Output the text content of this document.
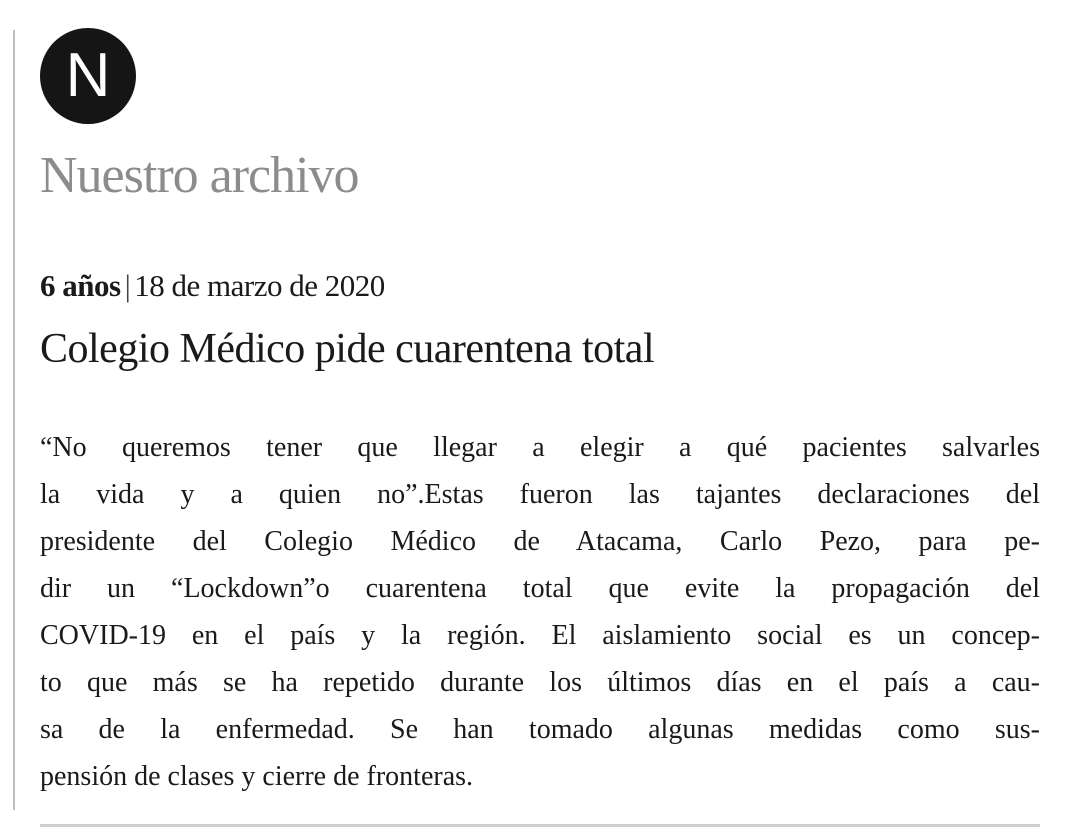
N
Nuestro archivo
6 años | 18 de marzo de 2020
Colegio Médico pide cuarentena total
“No queremos tener que llegar a elegir a qué pacientes salvarles
la vida y a quien no”.Estas fueron las tajantes declaraciones del
presidente del Colegio Médico de Atacama, Carlo Pezo, para pe-
dir un “Lockdown”o cuarentena total que evite la propagación del
COVID-19 en el país y la región. El aislamiento social es un concep-
to que más se ha repetido durante los últimos días en el país a cau-
sa de la enfermedad. Se han tomado algunas medidas como sus-
pensión de clases y cierre de fronteras.
